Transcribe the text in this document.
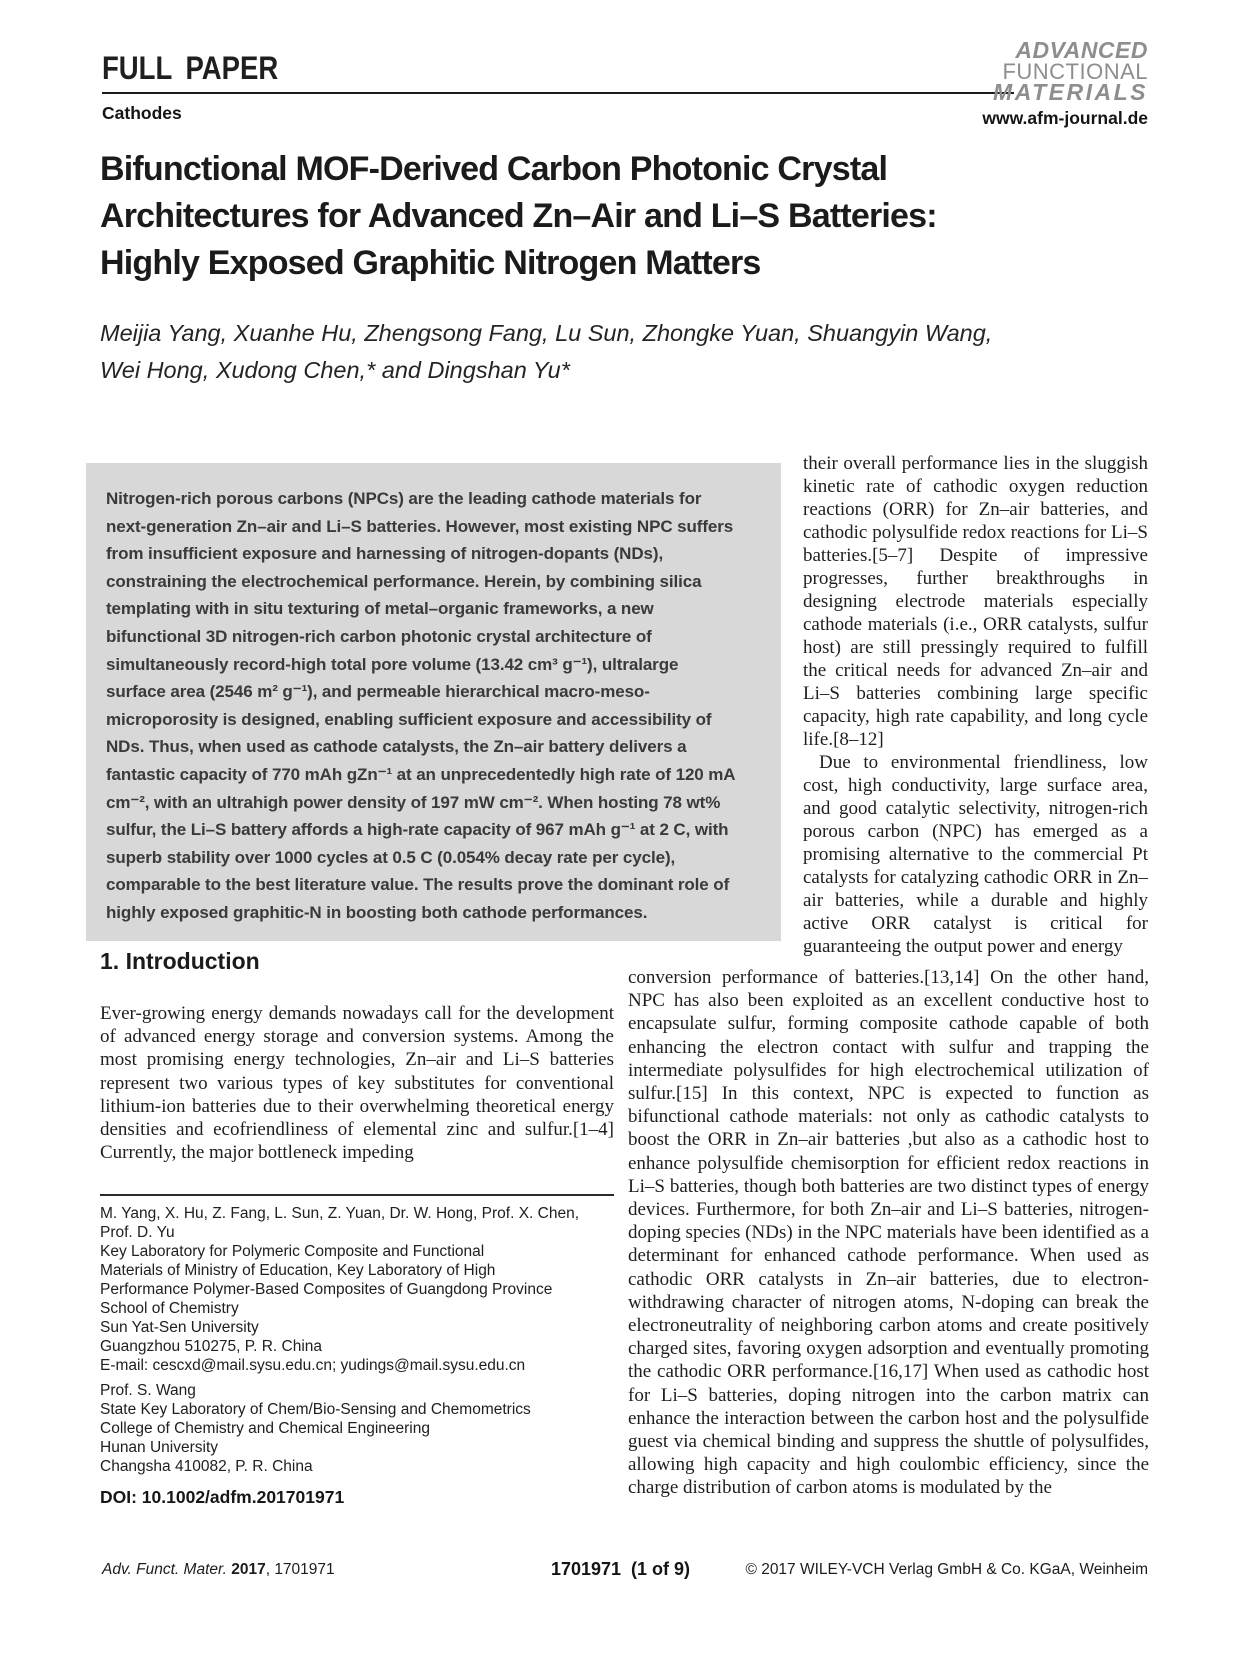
FULL PAPER
Cathodes
ADVANCED
FUNCTIONAL
MATERIALS
www.afm-journal.de
Bifunctional MOF-Derived Carbon Photonic Crystal
Architectures for Advanced Zn–Air and Li–S Batteries:
Highly Exposed Graphitic Nitrogen Matters
Meijia Yang, Xuanhe Hu, Zhengsong Fang, Lu Sun, Zhongke Yuan, Shuangyin Wang,
Wei Hong, Xudong Chen,* and Dingshan Yu*

Nitrogen-rich porous carbons (NPCs) are the leading cathode materials for next-generation Zn–air and Li–S batteries. However, most existing NPC suffers from insufficient exposure and harnessing of nitrogen-dopants (NDs), constraining the electrochemical performance. Herein, by combining silica templating with in situ texturing of metal–organic frameworks, a new bifunctional 3D nitrogen-rich carbon photonic crystal architecture of simultaneously record-high total pore volume (13.42 cm³ g⁻¹), ultralarge surface area (2546 m² g⁻¹), and permeable hierarchical macro-meso-microporosity is designed, enabling sufficient exposure and accessibility of NDs. Thus, when used as cathode catalysts, the Zn–air battery delivers a fantastic capacity of 770 mAh gZn⁻¹ at an unprecedentedly high rate of 120 mA cm⁻², with an ultrahigh power density of 197 mW cm⁻². When hosting 78 wt% sulfur, the Li–S battery affords a high-rate capacity of 967 mAh g⁻¹ at 2 C, with superb stability over 1000 cycles at 0.5 C (0.054% decay rate per cycle), comparable to the best literature value. The results prove the dominant role of highly exposed graphitic-N in boosting both cathode performances.

their overall performance lies in the sluggish kinetic rate of cathodic oxygen reduction reactions (ORR) for Zn–air batteries, and cathodic polysulfide redox reactions for Li–S batteries.[5–7] Despite of impressive progresses, further breakthroughs in designing electrode materials especially cathode materials (i.e., ORR catalysts, sulfur host) are still pressingly required to fulfill the critical needs for advanced Zn–air and Li–S batteries combining large specific capacity, high rate capability, and long cycle life.[8–12]

Due to environmental friendliness, low cost, high conductivity, large surface area, and good catalytic selectivity, nitrogen-rich porous carbon (NPC) has emerged as a promising alternative to the commercial Pt catalysts for catalyzing cathodic ORR in Zn–air batteries, while a durable and highly active ORR catalyst is critical for guaranteeing the output power and energy

1. Introduction

Ever-growing energy demands nowadays call for the development of advanced energy storage and conversion systems. Among the most promising energy technologies, Zn–air and Li–S batteries represent two various types of key substitutes for conventional lithium-ion batteries due to their overwhelming theoretical energy densities and ecofriendliness of elemental zinc and sulfur.[1–4] Currently, the major bottleneck impeding

conversion performance of batteries.[13,14] On the other hand, NPC has also been exploited as an excellent conductive host to encapsulate sulfur, forming composite cathode capable of both enhancing the electron contact with sulfur and trapping the intermediate polysulfides for high electrochemical utilization of sulfur.[15] In this context, NPC is expected to function as bifunctional cathode materials: not only as cathodic catalysts to boost the ORR in Zn–air batteries ,but also as a cathodic host to enhance polysulfide chemisorption for efficient redox reactions in Li–S batteries, though both batteries are two distinct types of energy devices. Furthermore, for both Zn–air and Li–S batteries, nitrogen-doping species (NDs) in the NPC materials have been identified as a determinant for enhanced cathode performance. When used as cathodic ORR catalysts in Zn–air batteries, due to electron-withdrawing character of nitrogen atoms, N-doping can break the electroneutrality of neighboring carbon atoms and create positively charged sites, favoring oxygen adsorption and eventually promoting the cathodic ORR performance.[16,17] When used as cathodic host for Li–S batteries, doping nitrogen into the carbon matrix can enhance the interaction between the carbon host and the polysulfide guest via chemical binding and suppress the shuttle of polysulfides, allowing high capacity and high coulombic efficiency, since the charge distribution of carbon atoms is modulated by the

M. Yang, X. Hu, Z. Fang, L. Sun, Z. Yuan, Dr. W. Hong, Prof. X. Chen,
Prof. D. Yu
Key Laboratory for Polymeric Composite and Functional
Materials of Ministry of Education, Key Laboratory of High
Performance Polymer-Based Composites of Guangdong Province
School of Chemistry
Sun Yat-Sen University
Guangzhou 510275, P. R. China
E-mail: cescxd@mail.sysu.edu.cn; yudings@mail.sysu.edu.cn
Prof. S. Wang
State Key Laboratory of Chem/Bio-Sensing and Chemometrics
College of Chemistry and Chemical Engineering
Hunan University
Changsha 410082, P. R. China
DOI: 10.1002/adfm.201701971
Adv. Funct. Mater. 2017, 1701971	1701971  (1 of 9)	© 2017 WILEY-VCH Verlag GmbH & Co. KGaA, Weinheim
